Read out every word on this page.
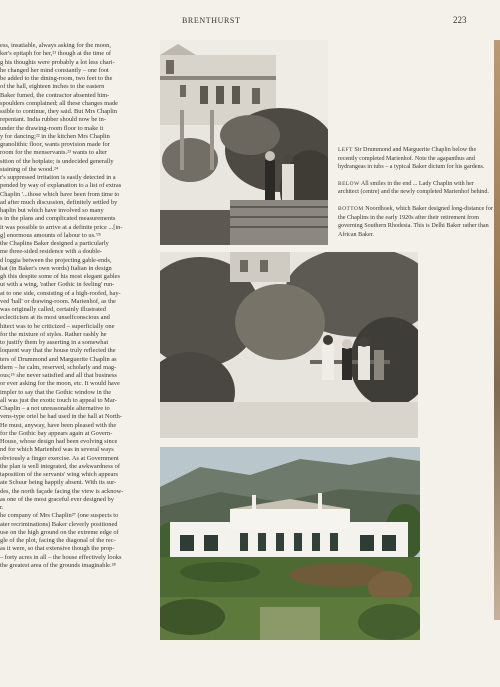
BRENTHURST	223
ess, insatiable, always asking for the moon,
ker's epitaph for her,²¹ though at the time of
g his thoughts were probably a lot less chari-
he changed her mind constantly – one foot
be added to the dining-room, two feet to the
of the hall, eighteen inches to the eastern
Baker fumed, the contractor absented him-
spoulders complained; all these changes made
ssible to continue, they said. But Mrs Chaplin
repentant. India rubber should now be in-
under the drawing-room floor to make it
y for dancing;²² in the kitchen Mrs Chaplin
granolithic floor, wants provision made for
room for the menservants.²³ wants to alter
sition of the hotplate; is undecided generally
staining of the wood.²⁴
r's suppressed irritation is easily detected in a
pended by way of explanation to a list of extras
Chaplin '...those which have been from time to
ad after much discussion, definitely settled by
haplin but which have involved so many
s in the plans and complicated measurements
it was possible to arrive at a definite price ...[in-
g] enormous amounts of labour to us.'²⁵
the Chaplins Baker designed a particularly
me three-sided residence with a double-
d loggia between the projecting gable-ends,
hat (in Baker's own words) Italian in design
gh this despite some of his most elegant gables
ut with a wing, 'rather Gothic in feeling' run-
at to one side, consisting of a high-roofed, hay-
ved 'hall' or drawing-room. Marienhof, as the
was originally called, certainly illustrated
eclecticism at its most unselfconscious and
hitect was to be criticized – superficially one
for the mixture of styles. Rather rashly he
to justify them by asserting in a somewhat
loquent way that the house truly reflected the
ters of Drummond and Marguerite Chaplin as
them – he calm, reserved, scholarly and mag-
ous;²⁶ she never satisfied and all that business
or ever asking for the moon, etc. It would have
impler to say that the Gothic window in the
all was just the exotic touch to appeal to Mar-
Chaplin – a not unreasonable alternative to
vens-type oriel he had used in the hall at North-
He must, anyway, have been pleased with the
for the Gothic bay appears again at Govern-
House, whose design had been evolving since
nd for which Marienhof was in several ways
obviously a finger exercise. As at Government
the plan is well integrated, the awkwardness of
taposition of the servants' wing which appears
ate Schuur being happily absent. With its sur-
des, the north façade facing the view is acknow-
as one of the most graceful ever designed by
r.
he company of Mrs Chaplin²⁷ (one suspects to
ater recriminations) Baker cleverly positioned
use on the high ground on the extreme edge of
gle of the plot, facing the diagonal of the rec-
as it were, so that extensive though the prop-
– forty acres in all – the house effectively looks
the greatest area of the grounds imaginable.²⁸

LEFT Sir Drummond and Marguerite Chaplin below the recently completed Marienhof. Note the agapanthus and hydrangeas in tubs – a typical Baker dictum for his gardens.

BELOW All smiles in the end ... Lady Chaplin with her architect (centre) and the newly completed Marienhof behind.

BOTTOM Noordhoek, which Baker designed long-distance for the Chaplins in the early 1920s after their retirement from governing Southern Rhodesia. This is Delhi Baker rather than African Baker.
